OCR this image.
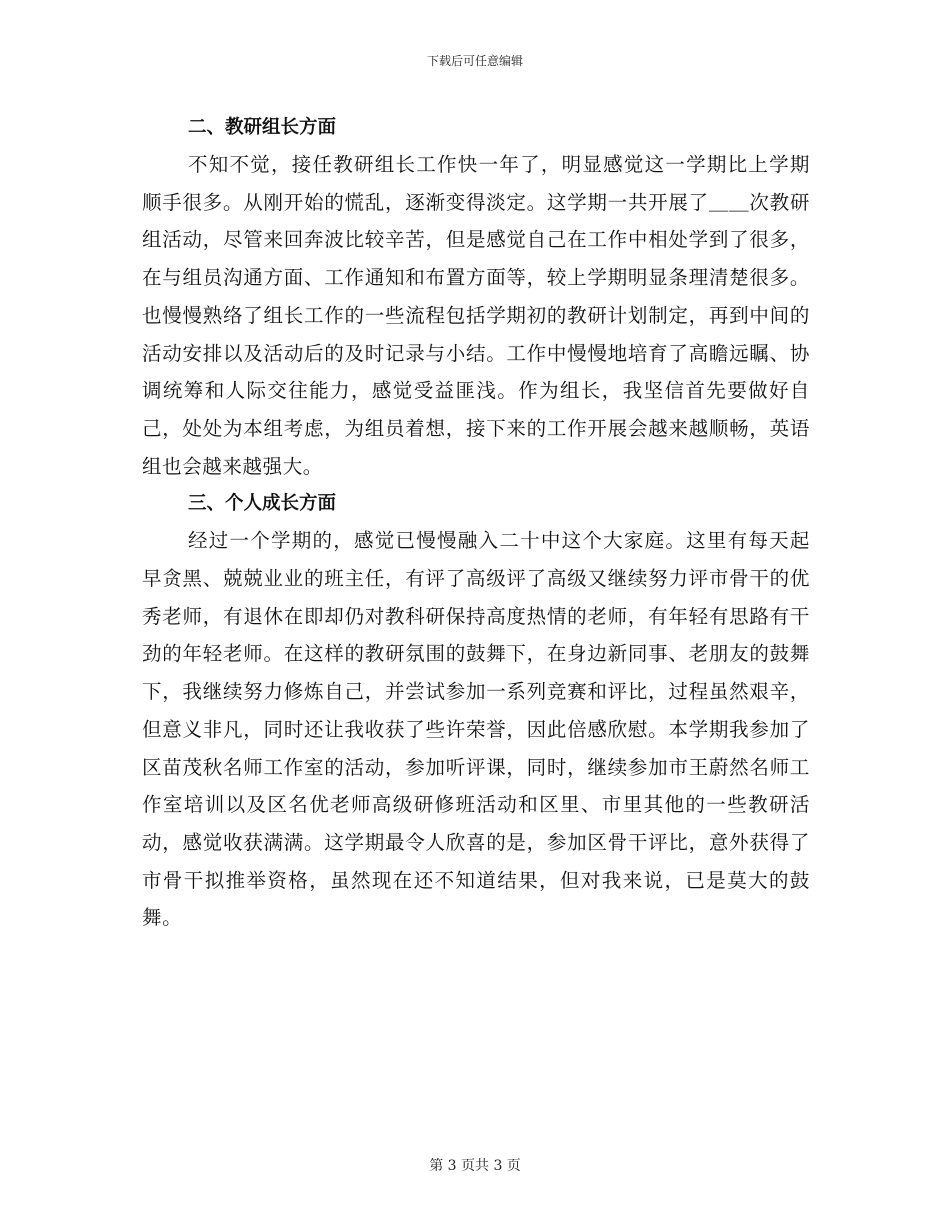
下载后可任意编辑
二、教研组长方面

不知不觉，接任教研组长工作快一年了，明显感觉这一学期比上学期顺手很多。从刚开始的慌乱，逐渐变得淡定。这学期一共开展了＿＿次教研组活动，尽管来回奔波比较辛苦，但是感觉自己在工作中相处学到了很多，在与组员沟通方面、工作通知和布置方面等，较上学期明显条理清楚很多。也慢慢熟络了组长工作的一些流程包括学期初的教研计划制定，再到中间的活动安排以及活动后的及时记录与小结。工作中慢慢地培育了高瞻远瞩、协调统筹和人际交往能力，感觉受益匪浅。作为组长，我坚信首先要做好自己，处处为本组考虑，为组员着想，接下来的工作开展会越来越顺畅，英语组也会越来越强大。

三、个人成长方面

经过一个学期的，感觉已慢慢融入二十中这个大家庭。这里有每天起早贪黑、兢兢业业的班主任，有评了高级评了高级又继续努力评市骨干的优秀老师，有退休在即却仍对教科研保持高度热情的老师，有年轻有思路有干劲的年轻老师。在这样的教研氛围的鼓舞下，在身边新同事、老朋友的鼓舞下，我继续努力修炼自己，并尝试参加一系列竞赛和评比，过程虽然艰辛，但意义非凡，同时还让我收获了些许荣誉，因此倍感欣慰。本学期我参加了区苗茂秋名师工作室的活动，参加听评课，同时，继续参加市王蔚然名师工作室培训以及区名优老师高级研修班活动和区里、市里其他的一些教研活动，感觉收获满满。这学期最令人欣喜的是，参加区骨干评比，意外获得了市骨干拟推举资格，虽然现在还不知道结果，但对我来说，已是莫大的鼓舞。

第 3 页共 3 页
